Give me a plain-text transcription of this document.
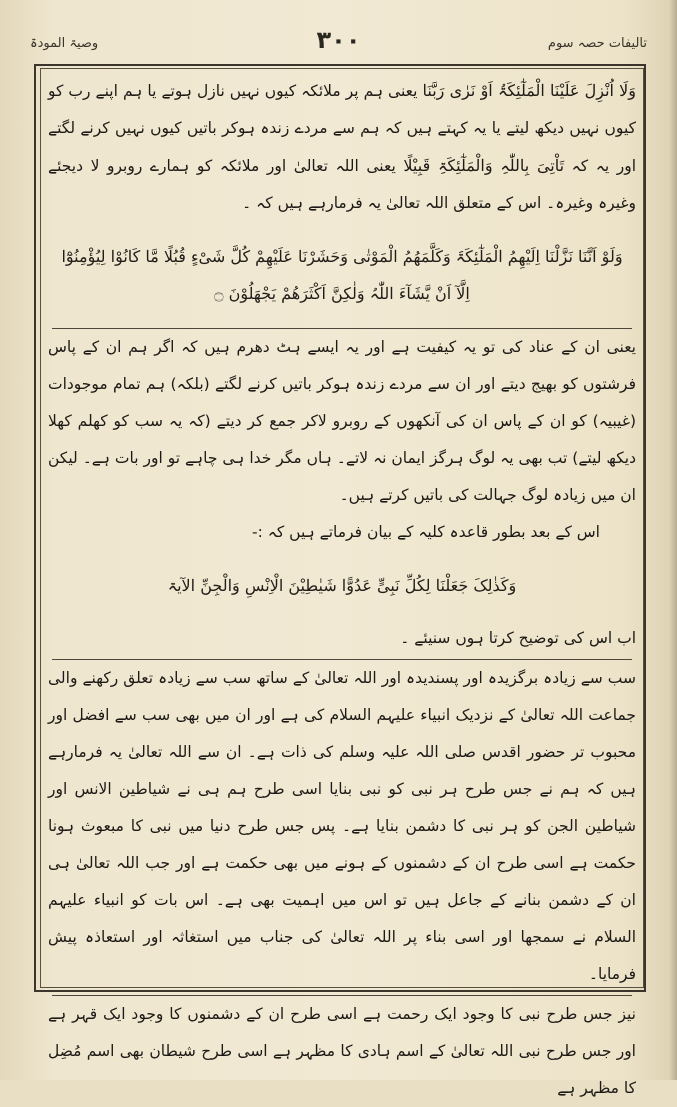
تالیفات حصہ سوم
۳۰۰
وصیۃ المودۃ

وَلَا اُنْزِلَ عَلَیْنَا الْمَلٰٓئِکَۃُ اَوْ نَرٰی رَبَّنَا یعنی ہم پر ملائکہ کیوں نہیں نازل ہوتے یا ہم اپنے رب کو کیوں نہیں دیکھ لیتے یا یہ کہتے ہیں کہ ہم سے مردے زندہ ہوکر باتیں کیوں نہیں کرنے لگتے اور یہ کہ تَاْتِیَ بِاللّٰہِ وَالْمَلٰٓئِکَۃِ قَبِیْلًا یعنی اللہ تعالیٰ اور ملائکہ کو ہمارے روبرو لا دیجئے وغیرہ وغیرہ۔ اس کے متعلق اللہ تعالیٰ یہ فرمارہے ہیں کہ ۔

وَلَوْ اَنَّنَا نَزَّلْنَا اِلَیْھِمُ الْمَلٰٓئِکَۃَ وَکَلَّمَھُمُ الْمَوْتٰی وَحَشَرْنَا عَلَیْھِمْ کُلَّ شَیْءٍ قُبُلًا مَّا کَانُوْا لِیُؤْمِنُوْٓا اِلَّآ اَنْ یَّشَآءَ اللّٰہُ وَلٰکِنَّ اَکْثَرَھُمْ یَجْھَلُوْنَ ۝

یعنی ان کے عناد کی تو یہ کیفیت ہے اور یہ ایسے ہٹ دھرم ہیں کہ اگر ہم ان کے پاس فرشتوں کو بھیج دیتے اور ان سے مردے زندہ ہوکر باتیں کرنے لگتے (بلکہ) ہم تمام موجودات (غیبیہ) کو ان کے پاس ان کی آنکھوں کے روبرو لاکر جمع کر دیتے (کہ یہ سب کو کھلم کھلا دیکھ لیتے) تب بھی یہ لوگ ہرگز ایمان نہ لاتے۔ ہاں مگر خدا ہی چاہے تو اور بات ہے۔ لیکن ان میں زیادہ لوگ جہالت کی باتیں کرتے ہیں۔

اس کے بعد بطور قاعدہ کلیہ کے بیان فرماتے ہیں کہ :-

وَکَذٰلِکَ جَعَلْنَا لِکُلِّ نَبِیٍّ عَدُوًّا شَیٰطِیْنَ الْاِنْسِ وَالْجِنِّ الآیۃ

اب اس کی توضیح کرتا ہوں سنیئے ۔

سب سے زیادہ برگزیدہ اور پسندیدہ اور اللہ تعالیٰ کے ساتھ سب سے زیادہ تعلق رکھنے والی جماعت اللہ تعالیٰ کے نزدیک انبیاء علیہم السلام کی ہے اور ان میں بھی سب سے افضل اور محبوب تر حضور اقدس صلی اللہ علیہ وسلم کی ذات ہے۔ ان سے اللہ تعالیٰ یہ فرمارہے ہیں کہ ہم نے جس طرح ہر نبی کو نبی بنایا اسی طرح ہم ہی نے شیاطین الانس اور شیاطین الجن کو ہر نبی کا دشمن بنایا ہے۔ پس جس طرح دنیا میں نبی کا مبعوث ہونا حکمت ہے اسی طرح ان کے دشمنوں کے ہونے میں بھی حکمت ہے اور جب اللہ تعالیٰ ہی ان کے دشمن بنانے کے جاعل ہیں تو اس میں اہمیت بھی ہے۔ اس بات کو انبیاء علیہم السلام نے سمجھا اور اسی بناء پر اللہ تعالیٰ کی جناب میں استغاثہ اور استعاذہ پیش فرمایا۔

نیز جس طرح نبی کا وجود ایک رحمت ہے اسی طرح ان کے دشمنوں کا وجود ایک قہر ہے اور جس طرح نبی اللہ تعالیٰ کے اسم ہادی کا مظہر ہے اسی طرح شیطان بھی اسم مُضِل کا مظہر ہے
